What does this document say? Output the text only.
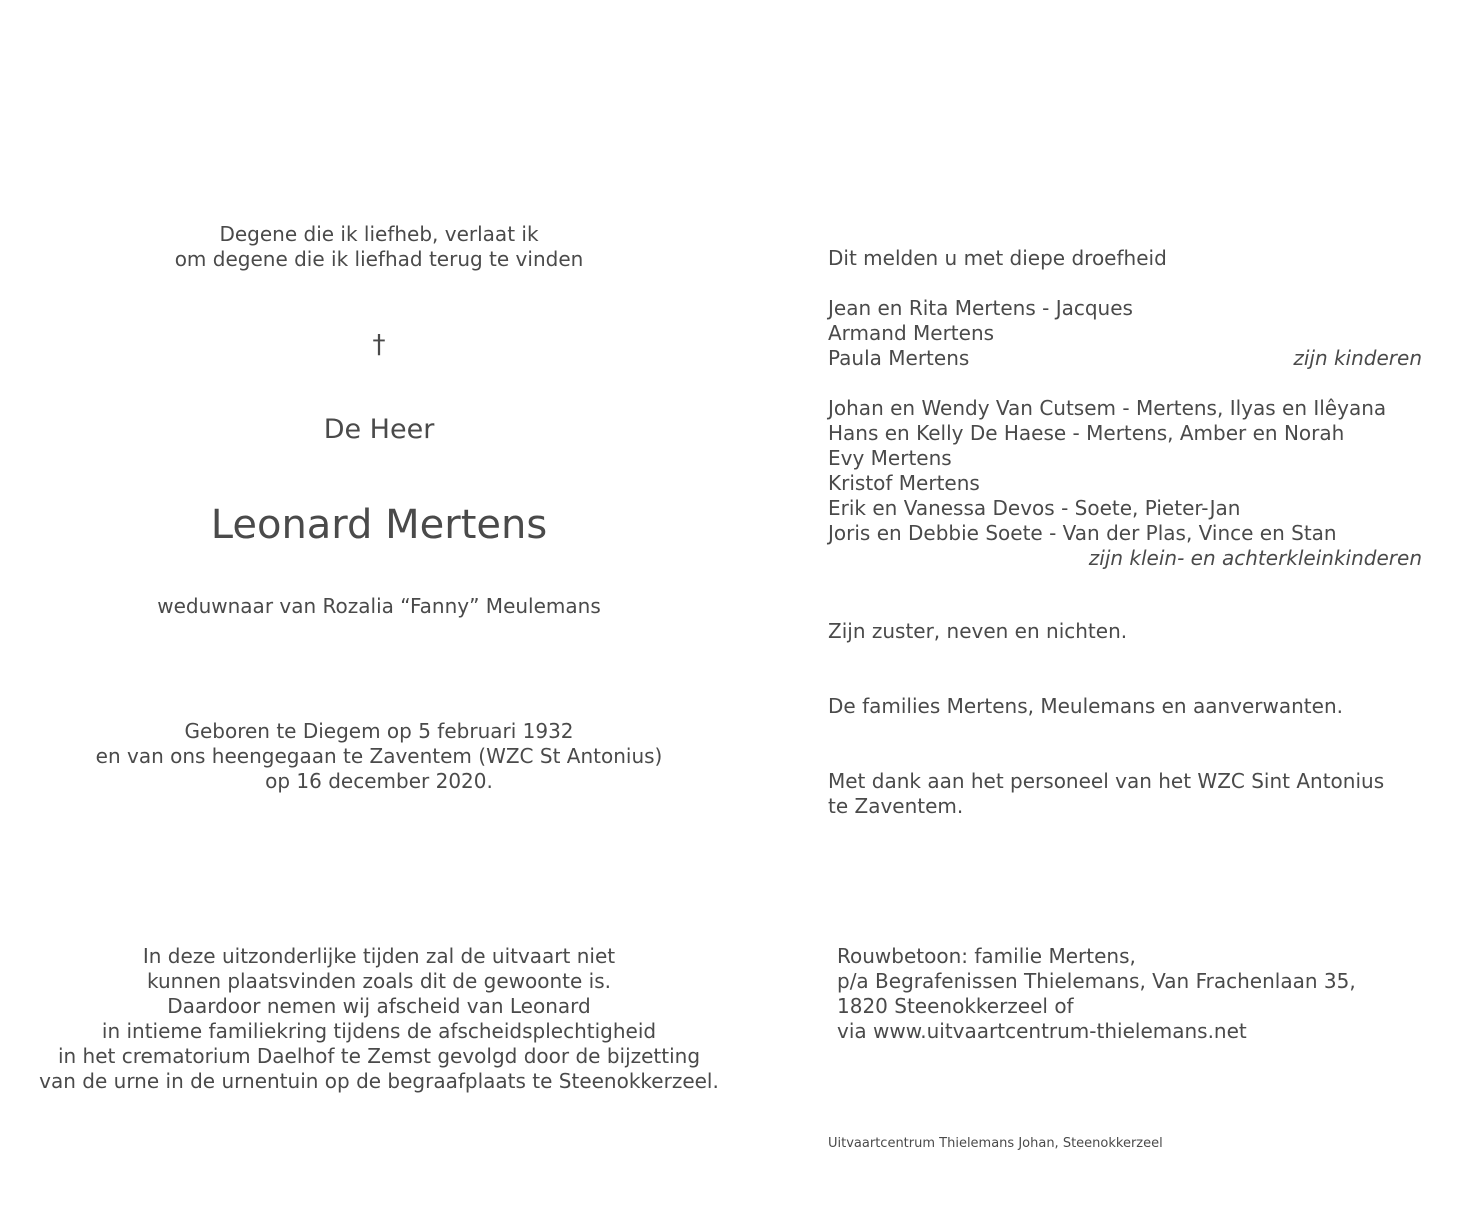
Degene die ik liefheb, verlaat ik
om degene die ik liefhad terug te vinden
†
De Heer
Leonard Mertens
weduwnaar van Rozalia “Fanny” Meulemans
Geboren te Diegem op 5 februari 1932
en van ons heengegaan te Zaventem (WZC St Antonius)
op 16 december 2020.
In deze uitzonderlijke tijden zal de uitvaart niet
kunnen plaatsvinden zoals dit de gewoonte is.
Daardoor nemen wij afscheid van Leonard
in intieme familiekring tijdens de afscheidsplechtigheid
in het crematorium Daelhof te Zemst gevolgd door de bijzetting
van de urne in de urnentuin op de begraafplaats te Steenokkerzeel.
Dit melden u met diepe droefheid
Jean en Rita Mertens - Jacques
Armand Mertens
Paula Mertens	zijn kinderen
Johan en Wendy Van Cutsem - Mertens, Ilyas en Ilêyana
Hans en Kelly De Haese - Mertens, Amber en Norah
Evy Mertens
Kristof Mertens
Erik en Vanessa Devos - Soete, Pieter-Jan
Joris en Debbie Soete - Van der Plas, Vince en Stan
zijn klein- en achterkleinkinderen
Zijn zuster, neven en nichten.
De families Mertens, Meulemans en aanverwanten.
Met dank aan het personeel van het WZC Sint Antonius
te Zaventem.
Rouwbetoon: familie Mertens,
p/a Begrafenissen Thielemans, Van Frachenlaan 35,
1820 Steenokkerzeel of
via www.uitvaartcentrum-thielemans.net
Uitvaartcentrum Thielemans Johan, Steenokkerzeel
